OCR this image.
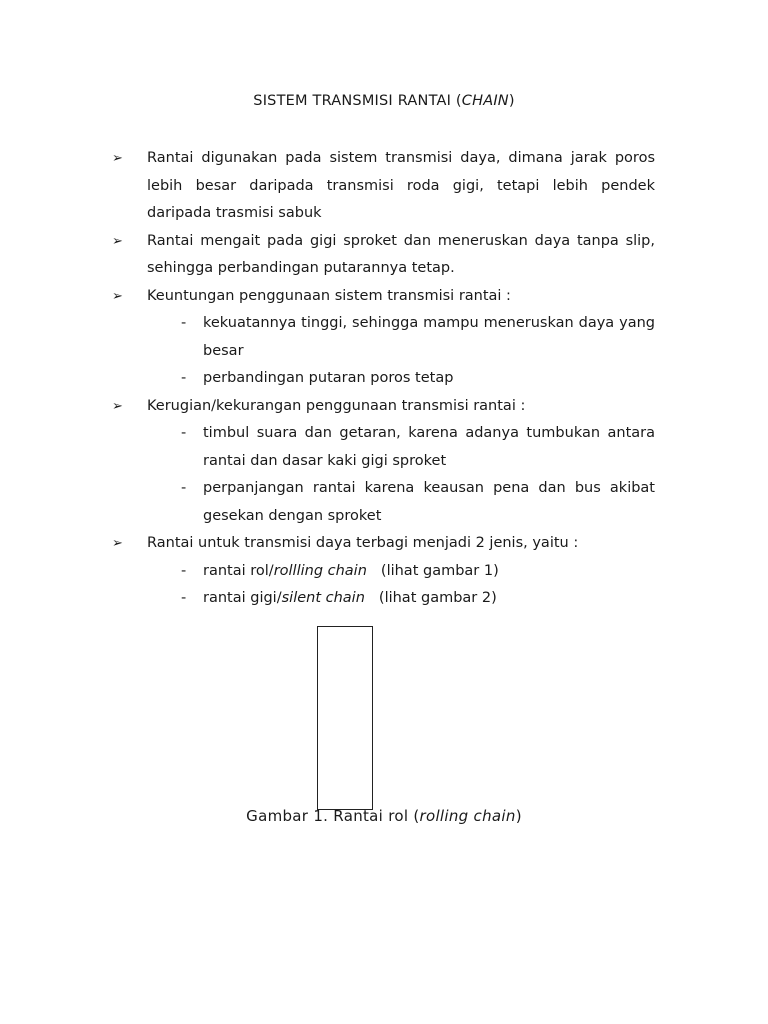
SISTEM TRANSMISI RANTAI (CHAIN)
➢ Rantai digunakan pada sistem transmisi daya, dimana jarak poros lebih besar daripada transmisi roda gigi, tetapi lebih pendek daripada trasmisi sabuk
➢ Rantai mengait pada gigi sproket dan meneruskan daya tanpa slip, sehingga perbandingan putarannya tetap.
➢ Keuntungan penggunaan sistem transmisi rantai :
- kekuatannya tinggi, sehingga mampu meneruskan daya yang besar
- perbandingan putaran poros tetap
➢ Kerugian/kekurangan penggunaan transmisi rantai :
- timbul suara dan getaran, karena adanya tumbukan antara rantai dan dasar kaki gigi sproket
- perpanjangan rantai karena keausan pena dan bus akibat gesekan dengan sproket
➢ Rantai untuk transmisi daya terbagi menjadi 2 jenis, yaitu :
- rantai rol/rollling chain (lihat gambar 1)
- rantai gigi/silent chain (lihat gambar 2)
Gambar 1. Rantai rol (rolling chain)
